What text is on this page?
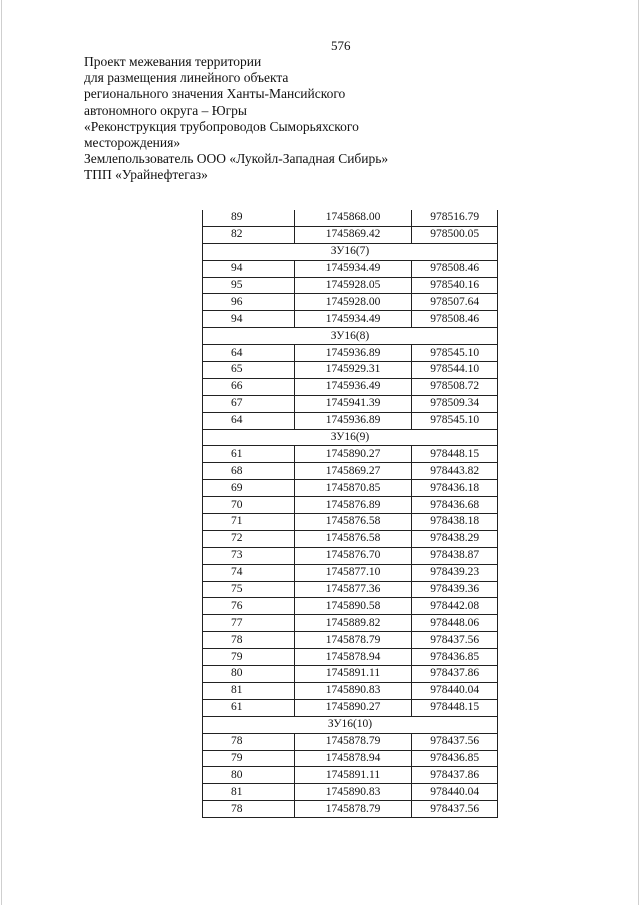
576
Проект межевания территории
для размещения линейного объекта
регионального значения Ханты-Мансийского
автономного округа – Югры
«Реконструкция трубопроводов Сыморьяхского
месторождения»
Землепользователь ООО «Лукойл-Западная Сибирь»
ТПП «Урайнефтегаз»
89	1745868.00	978516.79
82	1745869.42	978500.05
ЗУ16(7)		
94	1745934.49	978508.46
95	1745928.05	978540.16
96	1745928.00	978507.64
94	1745934.49	978508.46
ЗУ16(8)		
64	1745936.89	978545.10
65	1745929.31	978544.10
66	1745936.49	978508.72
67	1745941.39	978509.34
64	1745936.89	978545.10
ЗУ16(9)		
61	1745890.27	978448.15
68	1745869.27	978443.82
69	1745870.85	978436.18
70	1745876.89	978436.68
71	1745876.58	978438.18
72	1745876.58	978438.29
73	1745876.70	978438.87
74	1745877.10	978439.23
75	1745877.36	978439.36
76	1745890.58	978442.08
77	1745889.82	978448.06
78	1745878.79	978437.56
79	1745878.94	978436.85
80	1745891.11	978437.86
81	1745890.83	978440.04
61	1745890.27	978448.15
ЗУ16(10)		
78	1745878.79	978437.56
79	1745878.94	978436.85
80	1745891.11	978437.86
81	1745890.83	978440.04
78	1745878.79	978437.56
